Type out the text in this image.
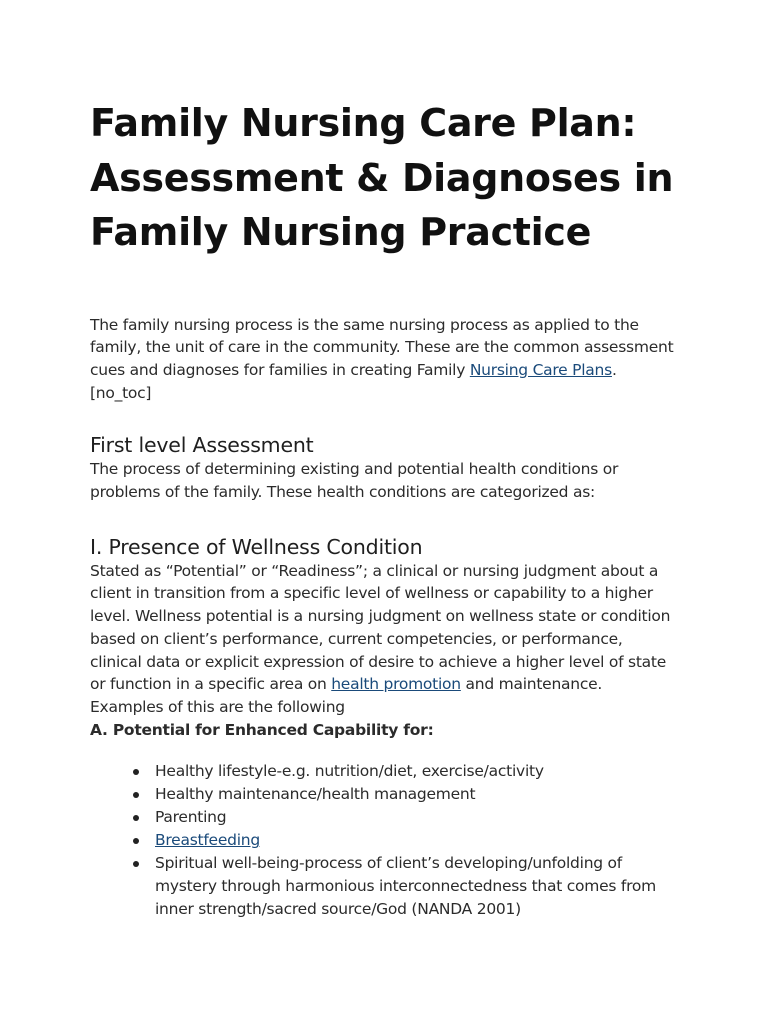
Family Nursing Care Plan:
Assessment & Diagnoses in
Family Nursing Practice

The family nursing process is the same nursing process as applied to the
family, the unit of care in the community. These are the common assessment
cues and diagnoses for families in creating Family Nursing Care Plans.
[no_toc]

First level Assessment

The process of determining existing and potential health conditions or
problems of the family. These health conditions are categorized as:

I. Presence of Wellness Condition

Stated as “Potential” or “Readiness”; a clinical or nursing judgment about a
client in transition from a specific level of wellness or capability to a higher
level. Wellness potential is a nursing judgment on wellness state or condition
based on client’s performance, current competencies, or performance,
clinical data or explicit expression of desire to achieve a higher level of state
or function in a specific area on health promotion and maintenance.
Examples of this are the following

A. Potential for Enhanced Capability for:

Healthy lifestyle-e.g. nutrition/diet, exercise/activity
Healthy maintenance/health management
Parenting
Breastfeeding
Spiritual well-being-process of client’s developing/unfolding of
mystery through harmonious interconnectedness that comes from
inner strength/sacred source/God (NANDA 2001)
